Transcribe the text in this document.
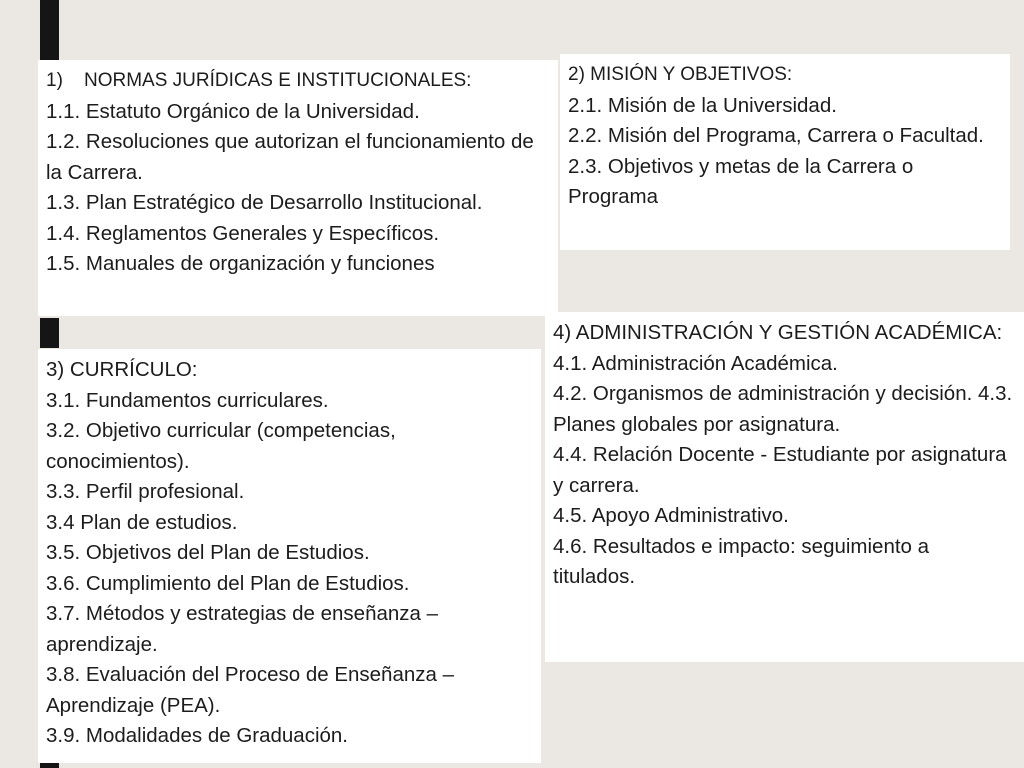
1) NORMAS JURÍDICAS E INSTITUCIONALES:
1.1. Estatuto Orgánico de la Universidad.
1.2. Resoluciones que autorizan el funcionamiento de la Carrera.
1.3. Plan Estratégico de Desarrollo Institucional.
1.4. Reglamentos Generales y Específicos.
1.5. Manuales de organización y funciones
2) MISIÓN Y OBJETIVOS:
2.1. Misión de la Universidad.
2.2. Misión del Programa, Carrera o Facultad.
2.3. Objetivos y metas de la Carrera o Programa
3) CURRÍCULO:
3.1. Fundamentos curriculares.
3.2. Objetivo curricular (competencias, conocimientos).
3.3. Perfil profesional.
3.4 Plan de estudios.
3.5. Objetivos del Plan de Estudios.
3.6. Cumplimiento del Plan de Estudios.
3.7. Métodos y estrategias de enseñanza – aprendizaje.
3.8. Evaluación del Proceso de Enseñanza – Aprendizaje (PEA).
3.9. Modalidades de Graduación.
4) ADMINISTRACIÓN Y GESTIÓN ACADÉMICA: 4.1. Administración Académica.
4.2. Organismos de administración y decisión. 4.3. Planes globales por asignatura.
4.4. Relación Docente - Estudiante por asignatura y carrera.
4.5. Apoyo Administrativo.
4.6. Resultados e impacto: seguimiento a titulados.
